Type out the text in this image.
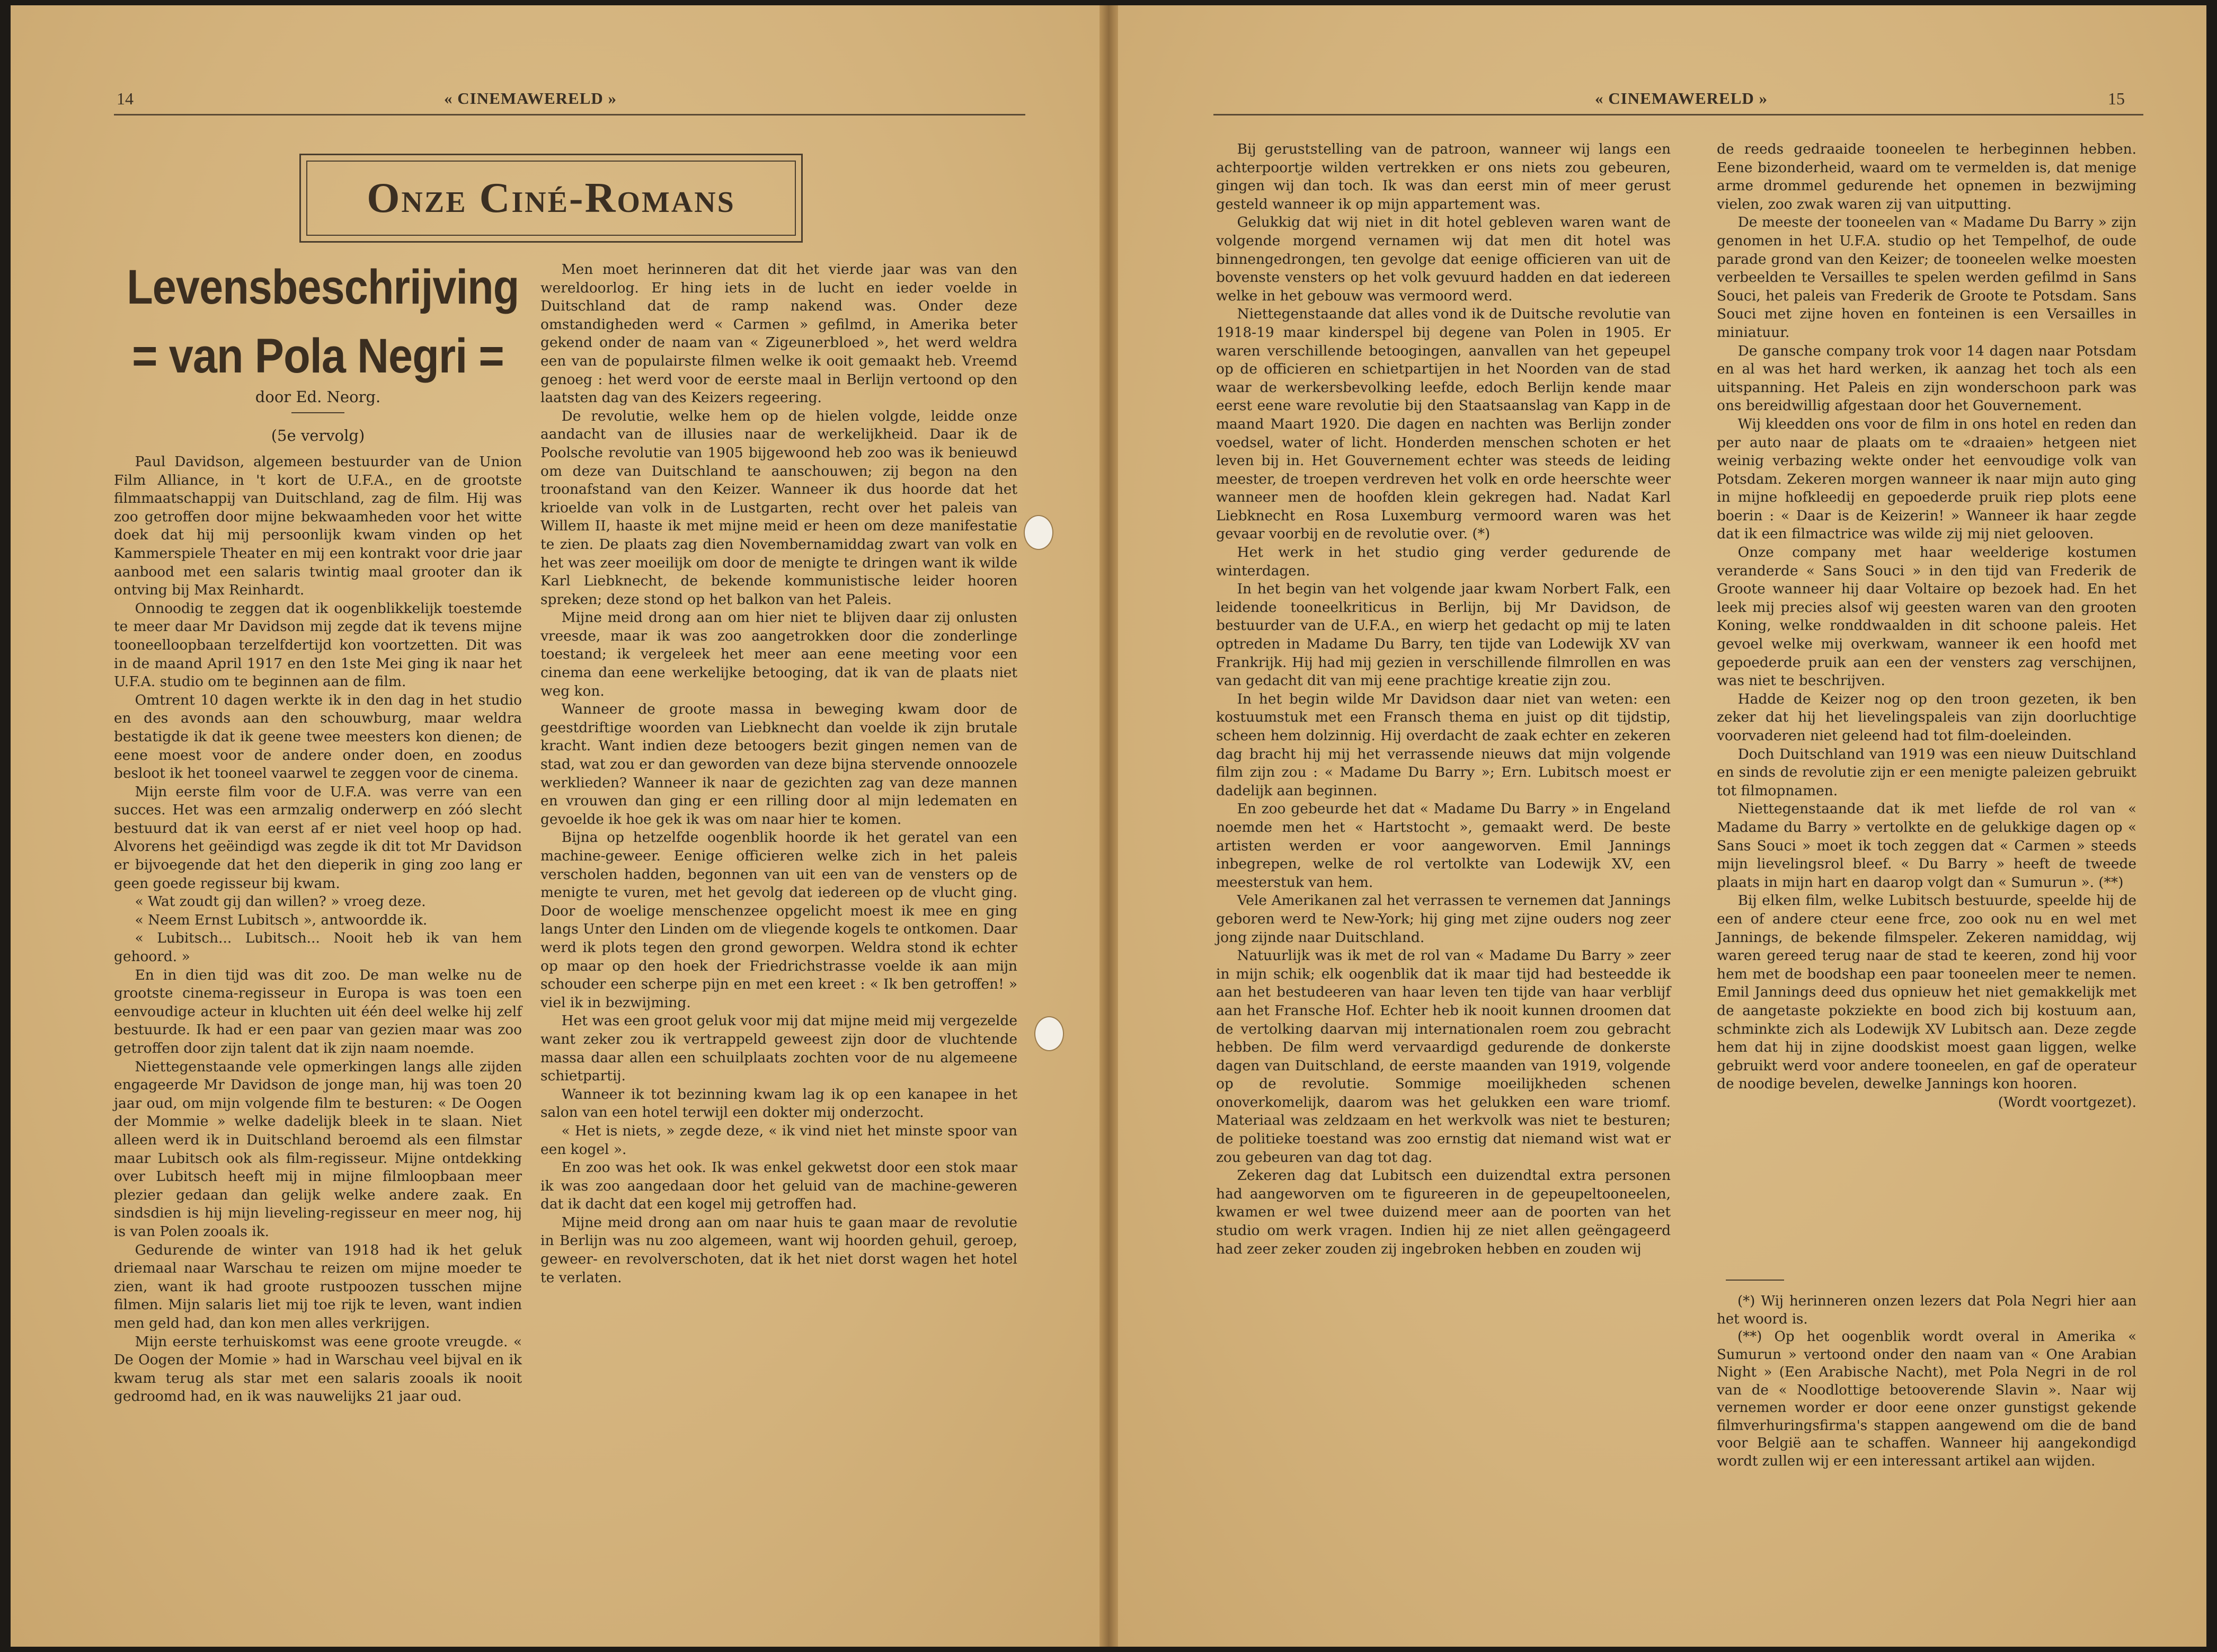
14	« CINEMAWERELD »
Onze Ciné-Romans
Levensbeschrijving
= van Pola Negri =
door Ed. Neorg.
(5e vervolg)

Paul Davidson, algemeen bestuurder van de Union Film Alliance, in 't kort de U.F.A., en de grootste filmmaatschappij van Duitschland, zag de film. Hij was zoo getroffen door mijne bekwaamheden voor het witte doek dat hij mij persoonlijk kwam vinden op het Kammerspiele Theater en mij een kontrakt voor drie jaar aanbood met een salaris twintig maal grooter dan ik ontving bij Max Reinhardt.

Onnoodig te zeggen dat ik oogenblikkelijk toestemde te meer daar Mr Davidson mij zegde dat ik tevens mijne tooneelloopbaan terzelfdertijd kon voortzetten. Dit was in de maand April 1917 en den 1ste Mei ging ik naar het U.F.A. studio om te beginnen aan de film.

Omtrent 10 dagen werkte ik in den dag in het studio en des avonds aan den schouwburg, maar weldra bestatigde ik dat ik geene twee meesters kon dienen; de eene moest voor de andere onder doen, en zoodus besloot ik het tooneel vaarwel te zeggen voor de cinema.

Mijn eerste film voor de U.F.A. was verre van een succes. Het was een armzalig onderwerp en zóó slecht bestuurd dat ik van eerst af er niet veel hoop op had. Alvorens het geëindigd was zegde ik dit tot Mr Davidson er bijvoegende dat het den dieperik in ging zoo lang er geen goede regisseur bij kwam.

« Wat zoudt gij dan willen? » vroeg deze.

« Neem Ernst Lubitsch », antwoordde ik.

« Lubitsch... Lubitsch... Nooit heb ik van hem gehoord. »

En in dien tijd was dit zoo. De man welke nu de grootste cinema-regisseur in Europa is was toen een eenvoudige acteur in kluchten uit één deel welke hij zelf bestuurde. Ik had er een paar van gezien maar was zoo getroffen door zijn talent dat ik zijn naam noemde.

Niettegenstaande vele opmerkingen langs alle zijden engageerde Mr Davidson de jonge man, hij was toen 20 jaar oud, om mijn volgende film te besturen: « De Oogen der Mommie » welke dadelijk bleek in te slaan. Niet alleen werd ik in Duitschland beroemd als een filmstar maar Lubitsch ook als film-regisseur. Mijne ontdekking over Lubitsch heeft mij in mijne filmloopbaan meer plezier gedaan dan gelijk welke andere zaak. En sindsdien is hij mijn lieveling-regisseur en meer nog, hij is van Polen zooals ik.

Gedurende de winter van 1918 had ik het geluk driemaal naar Warschau te reizen om mijne moeder te zien, want ik had groote rustpoozen tusschen mijne filmen. Mijn salaris liet mij toe rijk te leven, want indien men geld had, dan kon men alles verkrijgen.

Mijn eerste terhuiskomst was eene groote vreugde. « De Oogen der Momie » had in Warschau veel bijval en ik kwam terug als star met een salaris zooals ik nooit gedroomd had, en ik was nauwelijks 21 jaar oud.

Men moet herinneren dat dit het vierde jaar was van den wereldoorlog. Er hing iets in de lucht en ieder voelde in Duitschland dat de ramp nakend was. Onder deze omstandigheden werd « Carmen » gefilmd, in Amerika beter gekend onder de naam van « Zigeunerbloed », het werd weldra een van de populairste filmen welke ik ooit gemaakt heb. Vreemd genoeg : het werd voor de eerste maal in Berlijn vertoond op den laatsten dag van des Keizers regeering.

De revolutie, welke hem op de hielen volgde, leidde onze aandacht van de illusies naar de werkelijkheid. Daar ik de Poolsche revolutie van 1905 bijgewoond heb zoo was ik benieuwd om deze van Duitschland te aanschouwen; zij begon na den troonafstand van den Keizer. Wanneer ik dus hoorde dat het krioelde van volk in de Lustgarten, recht over het paleis van Willem II, haaste ik met mijne meid er heen om deze manifestatie te zien. De plaats zag dien Novembernamiddag zwart van volk en het was zeer moeilijk om door de menigte te dringen want ik wilde Karl Liebknecht, de bekende kommunistische leider hooren spreken; deze stond op het balkon van het Paleis.

Mijne meid drong aan om hier niet te blijven daar zij onlusten vreesde, maar ik was zoo aangetrokken door die zonderlinge toestand; ik vergeleek het meer aan eene meeting voor een cinema dan eene werkelijke betooging, dat ik van de plaats niet weg kon.

Wanneer de groote massa in beweging kwam door de geestdriftige woorden van Liebknecht dan voelde ik zijn brutale kracht. Want indien deze betoogers bezit gingen nemen van de stad, wat zou er dan geworden van deze bijna stervende onnoozele werklieden? Wanneer ik naar de gezichten zag van deze mannen en vrouwen dan ging er een rilling door al mijn ledematen en gevoelde ik hoe gek ik was om naar hier te komen.

Bijna op hetzelfde oogenblik hoorde ik het geratel van een machine-geweer. Eenige officieren welke zich in het paleis verscholen hadden, begonnen van uit een van de vensters op de menigte te vuren, met het gevolg dat iedereen op de vlucht ging. Door de woelige menschenzee opgelicht moest ik mee en ging langs Unter den Linden om de vliegende kogels te ontkomen. Daar werd ik plots tegen den grond geworpen. Weldra stond ik echter op maar op den hoek der Friedrichstrasse voelde ik aan mijn schouder een scherpe pijn en met een kreet : « Ik ben getroffen! » viel ik in bezwijming.

Het was een groot geluk voor mij dat mijne meid mij vergezelde want zeker zou ik vertrappeld geweest zijn door de vluchtende massa daar allen een schuilplaats zochten voor de nu algemeene schietpartij.

Wanneer ik tot bezinning kwam lag ik op een kanapee in het salon van een hotel terwijl een dokter mij onderzocht.

« Het is niets, » zegde deze, « ik vind niet het minste spoor van een kogel ».

En zoo was het ook. Ik was enkel gekwetst door een stok maar ik was zoo aangedaan door het geluid van de machine-geweren dat ik dacht dat een kogel mij getroffen had.

Mijne meid drong aan om naar huis te gaan maar de revolutie in Berlijn was nu zoo algemeen, want wij hoorden gehuil, geroep, geweer- en revolverschoten, dat ik het niet dorst wagen het hotel te verlaten.

« CINEMAWERELD »	15

Bij geruststelling van de patroon, wanneer wij langs een achterpoortje wilden vertrekken er ons niets zou gebeuren, gingen wij dan toch. Ik was dan eerst min of meer gerust gesteld wanneer ik op mijn appartement was.

Gelukkig dat wij niet in dit hotel gebleven waren want de volgende morgend vernamen wij dat men dit hotel was binnengedrongen, ten gevolge dat eenige officieren van uit de bovenste vensters op het volk gevuurd hadden en dat iedereen welke in het gebouw was vermoord werd.

Niettegenstaande dat alles vond ik de Duitsche revolutie van 1918-19 maar kinderspel bij degene van Polen in 1905. Er waren verschillende betoogingen, aanvallen van het gepeupel op de officieren en schietpartijen in het Noorden van de stad waar de werkersbevolking leefde, edoch Berlijn kende maar eerst eene ware revolutie bij den Staatsaanslag van Kapp in de maand Maart 1920. Die dagen en nachten was Berlijn zonder voedsel, water of licht. Honderden menschen schoten er het leven bij in. Het Gouvernement echter was steeds de leiding meester, de troepen verdreven het volk en orde heerschte weer wanneer men de hoofden klein gekregen had. Nadat Karl Liebknecht en Rosa Luxemburg vermoord waren was het gevaar voorbij en de revolutie over. (*)

Het werk in het studio ging verder gedurende de winterdagen.

In het begin van het volgende jaar kwam Norbert Falk, een leidende tooneelkriticus in Berlijn, bij Mr Davidson, de bestuurder van de U.F.A., en wierp het gedacht op mij te laten optreden in Madame Du Barry, ten tijde van Lodewijk XV van Frankrijk. Hij had mij gezien in verschillende filmrollen en was van gedacht dit van mij eene prachtige kreatie zijn zou.

In het begin wilde Mr Davidson daar niet van weten: een kostuumstuk met een Fransch thema en juist op dit tijdstip, scheen hem dolzinnig. Hij overdacht de zaak echter en zekeren dag bracht hij mij het verrassende nieuws dat mijn volgende film zijn zou : « Madame Du Barry »; Ern. Lubitsch moest er dadelijk aan beginnen.

En zoo gebeurde het dat « Madame Du Barry » in Engeland noemde men het « Hartstocht », gemaakt werd. De beste artisten werden er voor aangeworven. Emil Jannings inbegrepen, welke de rol vertolkte van Lodewijk XV, een meesterstuk van hem.

Vele Amerikanen zal het verrassen te vernemen dat Jannings geboren werd te New-York; hij ging met zijne ouders nog zeer jong zijnde naar Duitschland.

Natuurlijk was ik met de rol van « Madame Du Barry » zeer in mijn schik; elk oogenblik dat ik maar tijd had besteedde ik aan het bestudeeren van haar leven ten tijde van haar verblijf aan het Fransche Hof. Echter heb ik nooit kunnen droomen dat de vertolking daarvan mij internationalen roem zou gebracht hebben. De film werd vervaardigd gedurende de donkerste dagen van Duitschland, de eerste maanden van 1919, volgende op de revolutie. Sommige moeilijkheden schenen onoverkomelijk, daarom was het gelukken een ware triomf. Materiaal was zeldzaam en het werkvolk was niet te besturen; de politieke toestand was zoo ernstig dat niemand wist wat er zou gebeuren van dag tot dag.

Zekeren dag dat Lubitsch een duizendtal extra personen had aangeworven om te figureeren in de gepeupeltooneelen, kwamen er wel twee duizend meer aan de poorten van het studio om werk vragen. Indien hij ze niet allen geëngageerd had zeer zeker zouden zij ingebroken hebben en zouden wij

de reeds gedraaide tooneelen te herbeginnen hebben. Eene bizonderheid, waard om te vermelden is, dat menige arme drommel gedurende het opnemen in bezwijming vielen, zoo zwak waren zij van uitputting.

De meeste der tooneelen van « Madame Du Barry » zijn genomen in het U.F.A. studio op het Tempelhof, de oude parade grond van den Keizer; de tooneelen welke moesten verbeelden te Versailles te spelen werden gefilmd in Sans Souci, het paleis van Frederik de Groote te Potsdam. Sans Souci met zijne hoven en fonteinen is een Versailles in miniatuur.

De gansche company trok voor 14 dagen naar Potsdam en al was het hard werken, ik aanzag het toch als een uitspanning. Het Paleis en zijn wonderschoon park was ons bereidwillig afgestaan door het Gouvernement.

Wij kleedden ons voor de film in ons hotel en reden dan per auto naar de plaats om te «draaien» hetgeen niet weinig verbazing wekte onder het eenvoudige volk van Potsdam. Zekeren morgen wanneer ik naar mijn auto ging in mijne hofkleedij en gepoederde pruik riep plots eene boerin : « Daar is de Keizerin! » Wanneer ik haar zegde dat ik een filmactrice was wilde zij mij niet gelooven.

Onze company met haar weelderige kostumen veranderde « Sans Souci » in den tijd van Frederik de Groote wanneer hij daar Voltaire op bezoek had. En het leek mij precies alsof wij geesten waren van den grooten Koning, welke ronddwaalden in dit schoone paleis. Het gevoel welke mij overkwam, wanneer ik een hoofd met gepoederde pruik aan een der vensters zag verschijnen, was niet te beschrijven.

Hadde de Keizer nog op den troon gezeten, ik ben zeker dat hij het lievelingspaleis van zijn doorluchtige voorvaderen niet geleend had tot film-doeleinden.

Doch Duitschland van 1919 was een nieuw Duitschland en sinds de revolutie zijn er een menigte paleizen gebruikt tot filmopnamen.

Niettegenstaande dat ik met liefde de rol van « Madame du Barry » vertolkte en de gelukkige dagen op « Sans Souci » moet ik toch zeggen dat « Carmen » steeds mijn lievelingsrol bleef. « Du Barry » heeft de tweede plaats in mijn hart en daarop volgt dan « Sumurun ». (**)

Bij elken film, welke Lubitsch bestuurde, speelde hij de een of andere cteur eene frce, zoo ook nu en wel met Jannings, de bekende filmspeler. Zekeren namiddag, wij waren gereed terug naar de stad te keeren, zond hij voor hem met de boodshap een paar tooneelen meer te nemen. Emil Jannings deed dus opnieuw het niet gemakkelijk met de aangetaste pokziekte en bood zich bij kostuum aan, schminkte zich als Lodewijk XV Lubitsch aan. Deze zegde hem dat hij in zijne doodskist moest gaan liggen, welke gebruikt werd voor andere tooneelen, en gaf de operateur de noodige bevelen, dewelke Jannings kon hooren.

(Wordt voortgezet).

(*) Wij herinneren onzen lezers dat Pola Negri hier aan het woord is.

(**) Op het oogenblik wordt overal in Amerika « Sumurun » vertoond onder den naam van « One Arabian Night » (Een Arabische Nacht), met Pola Negri in de rol van de « Noodlottige betooverende Slavin ». Naar wij vernemen worder er door eene onzer gunstigst gekende filmverhuringsfirma's stappen aangewend om die de band voor België aan te schaffen. Wanneer hij aangekondigd wordt zullen wij er een interessant artikel aan wijden.
